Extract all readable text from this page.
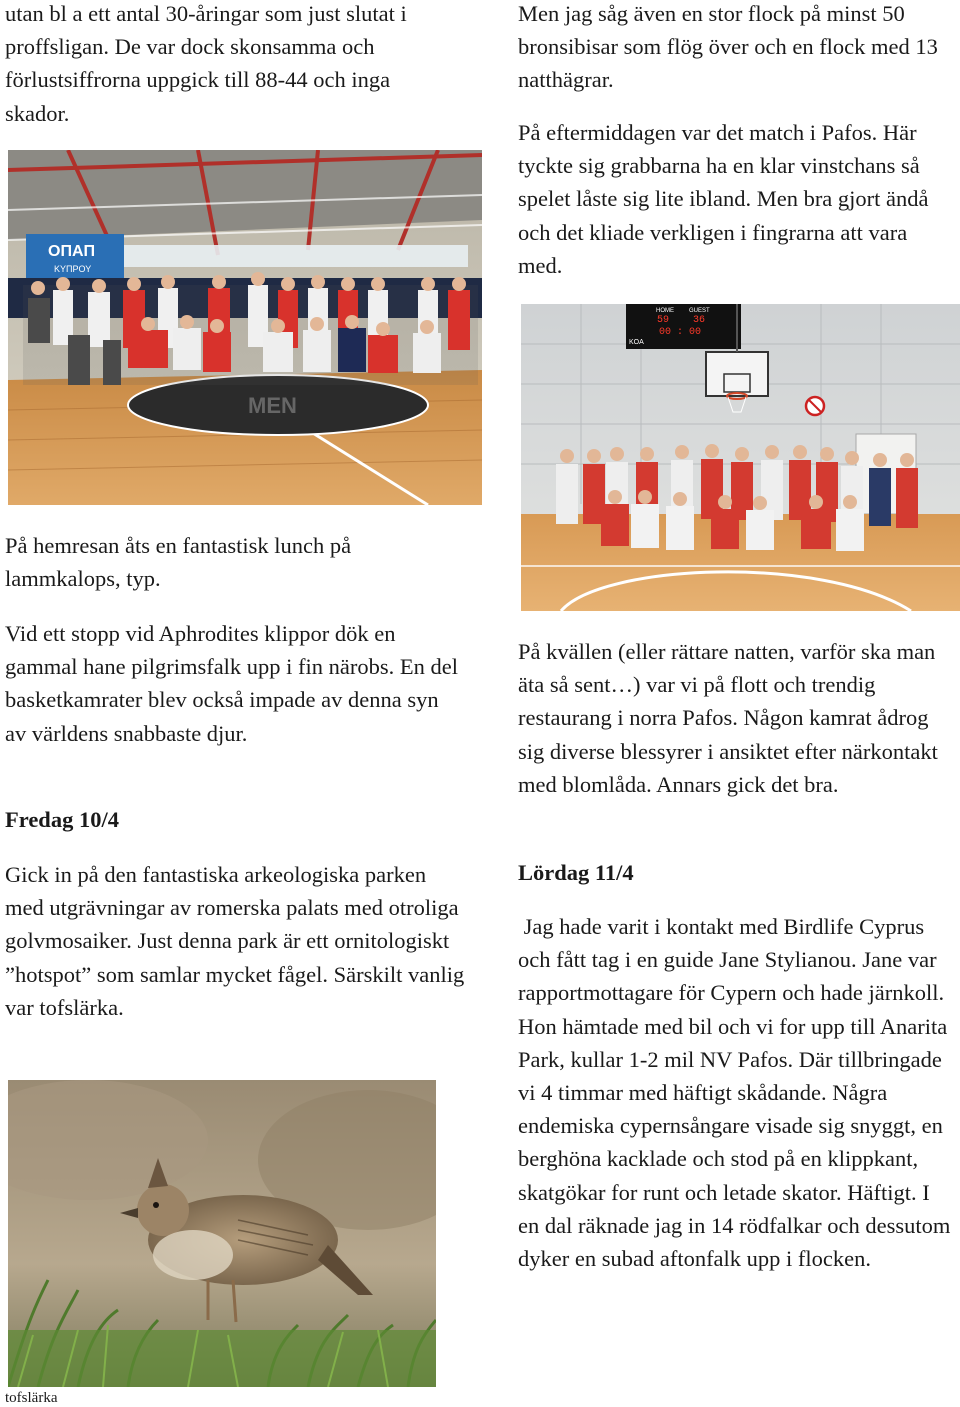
utan bl a ett antal 30-åringar som just slutat i proffsligan. De var dock skonsamma och förlustsiffrorna uppgick till 88-44 och inga skador.

ΟΠΑΠ
ΚΥΠΡΟΥ
MEN

På hemresan åts en fantastisk lunch på lammkalops, typ.

Vid ett stopp vid Aphrodites klippor dök en gammal hane pilgrimsfalk upp i fin närobs. En del basketkamrater blev också impade av denna syn av världens snabbaste djur.

Fredag 10/4

Gick in på den fantastiska arkeologiska parken med utgrävningar av romerska palats med otroliga golvmosaiker. Just denna park är ett ornitologiskt ”hotspot” som samlar mycket fågel. Särskilt vanlig var tofslärka.

tofslärka

Men jag såg även en stor flock på minst 50 bronsibisar som flög över och en flock med 13 natthägrar.

På eftermiddagen var det match i Pafos. Här tyckte sig grabbarna ha en klar vinstchans så spelet låste sig lite ibland. Men bra gjort ändå och det kliade verkligen i fingrarna att vara med.

HOME	GUEST
59 36
00 : 00
KOA

På kvällen (eller rättare natten, varför ska man äta så sent…) var vi på flott och trendig restaurang i norra Pafos. Någon kamrat ådrog sig diverse blessyrer i ansiktet efter närkontakt med blomlåda. Annars gick det bra.

Lördag 11/4

Jag hade varit i kontakt med Birdlife Cyprus och fått tag i en guide Jane Stylianou. Jane var rapportmottagare för Cypern och hade järnkoll. Hon hämtade med bil och vi for upp till Anarita Park, kullar 1-2 mil NV Pafos. Där tillbringade vi 4 timmar med häftigt skådande. Några endemiska cypernsångare visade sig snyggt, en berghöna kacklade och stod på en klippkant, skatgökar for runt och letade skator. Häftigt. I en dal räknade jag in 14 rödfalkar och dessutom dyker en subad aftonfalk upp i flocken.
